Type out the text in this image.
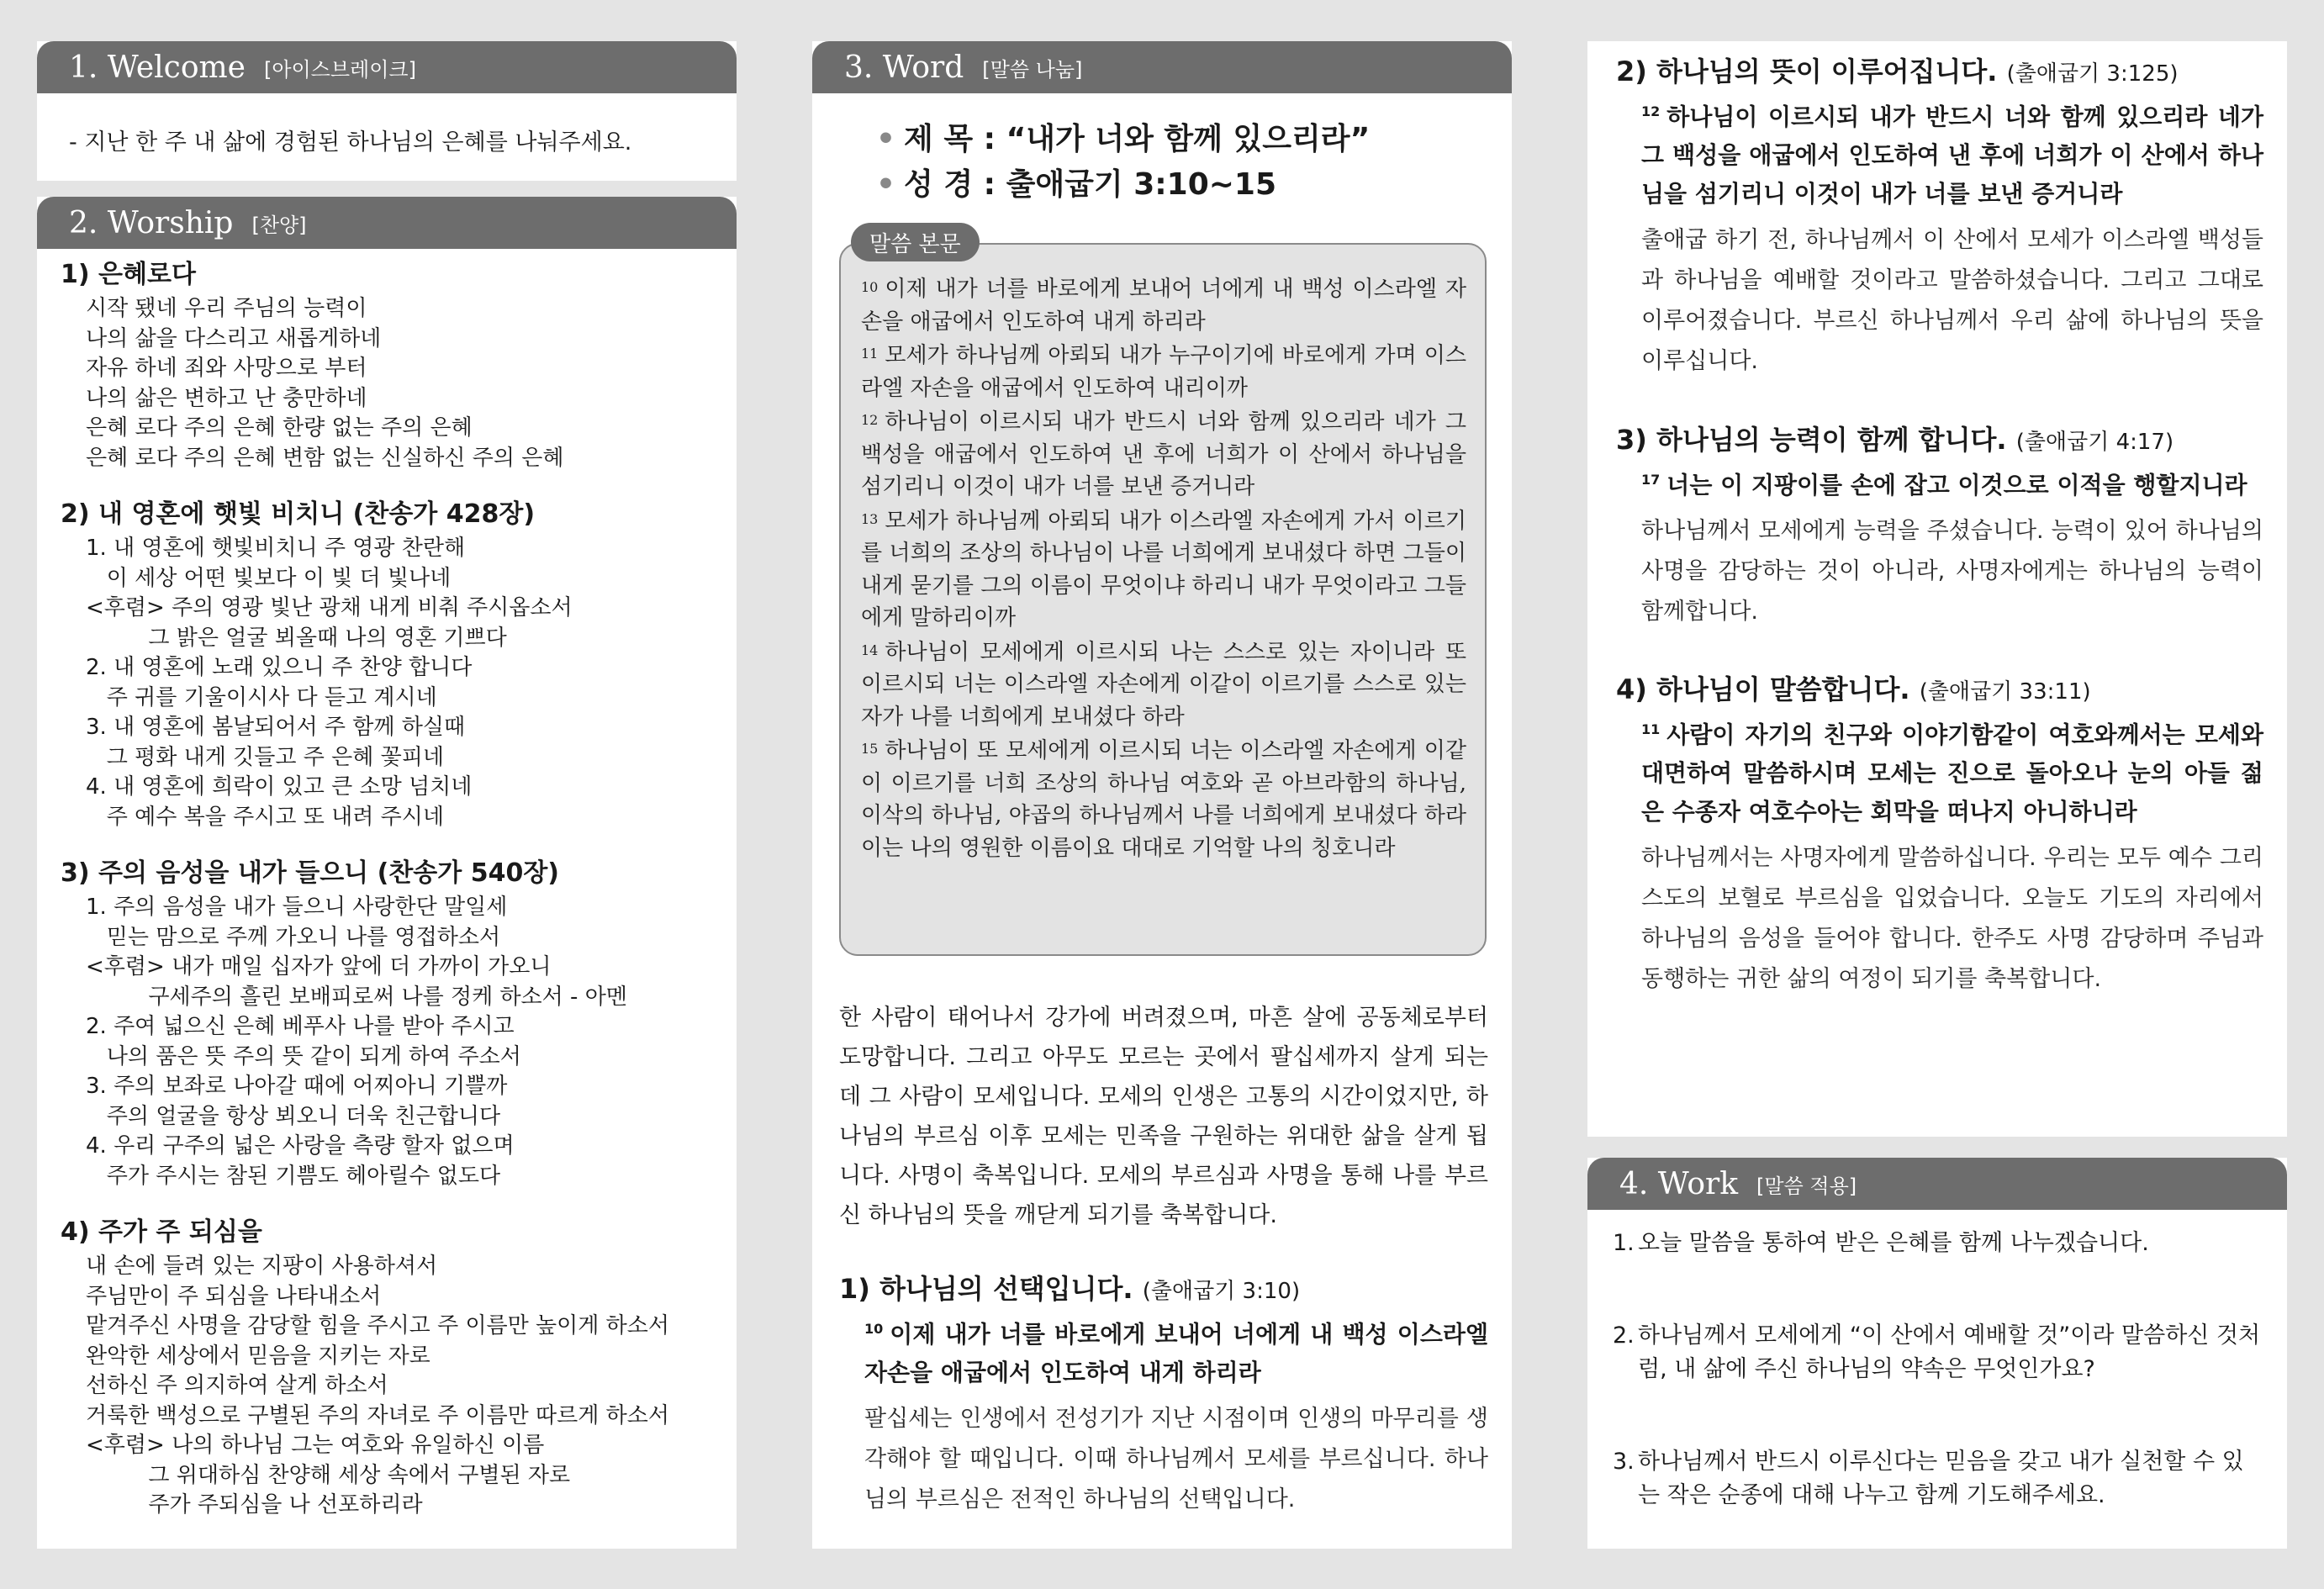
1. Welcome [아이스브레이크]
- 지난 한 주 내 삶에 경험된 하나님의 은혜를 나눠주세요.
2. Worship [찬양]
1) 은혜로다
시작 됐네 우리 주님의 능력이
나의 삶을 다스리고 새롭게하네
자유 하네 죄와 사망으로 부터
나의 삶은 변하고 난 충만하네
은혜 로다 주의 은혜 한량 없는 주의 은혜
은혜 로다 주의 은혜 변함 없는 신실하신 주의 은혜
2) 내 영혼에 햇빛 비치니 (찬송가 428장)
1. 내 영혼에 햇빛비치니 주 영광 찬란해
이 세상 어떤 빛보다 이 빛 더 빛나네
<후렴> 주의 영광 빛난 광채 내게 비춰 주시옵소서
그 밝은 얼굴 뵈올때 나의 영혼 기쁘다
2. 내 영혼에 노래 있으니 주 찬양 합니다
주 귀를 기울이시사 다 듣고 계시네
3. 내 영혼에 봄날되어서 주 함께 하실때
그 평화 내게 깃들고 주 은혜 꽃피네
4. 내 영혼에 희락이 있고 큰 소망 넘치네
주 예수 복을 주시고 또 내려 주시네
3) 주의 음성을 내가 들으니 (찬송가 540장)
1. 주의 음성을 내가 들으니 사랑한단 말일세
믿는 맘으로 주께 가오니 나를 영접하소서
<후렴> 내가 매일 십자가 앞에 더 가까이 가오니
구세주의 흘린 보배피로써 나를 정케 하소서 - 아멘
2. 주여 넓으신 은혜 베푸사 나를 받아 주시고
나의 품은 뜻 주의 뜻 같이 되게 하여 주소서
3. 주의 보좌로 나아갈 때에 어찌아니 기쁠까
주의 얼굴을 항상 뵈오니 더욱 친근합니다
4. 우리 구주의 넓은 사랑을 측량 할자 없으며
주가 주시는 참된 기쁨도 헤아릴수 없도다
4) 주가 주 되심을
내 손에 들려 있는 지팡이 사용하셔서
주님만이 주 되심을 나타내소서
맡겨주신 사명을 감당할 힘을 주시고 주 이름만 높이게 하소서
완악한 세상에서 믿음을 지키는 자로
선하신 주 의지하여 살게 하소서
거룩한 백성으로 구별된 주의 자녀로 주 이름만 따르게 하소서
<후렴> 나의 하나님 그는 여호와 유일하신 이름
그 위대하심 찬양해 세상 속에서 구별된 자로
주가 주되심을 나 선포하리라
3. Word [말씀 나눔]
• 제 목 : “내가 너와 함께 있으리라”
• 성 경 : 출애굽기 3:10~15
말씀 본문

$^{10}$ 이제 내가 너를 바로에게 보내어 너에게 내 백성 이스라엘 자손을 애굽에서 인도하여 내게 하리라

$^{11}$ 모세가 하나님께 아뢰되 내가 누구이기에 바로에게 가며 이스라엘 자손을 애굽에서 인도하여 내리이까

$^{12}$ 하나님이 이르시되 내가 반드시 너와 함께 있으리라 네가 그 백성을 애굽에서 인도하여 낸 후에 너희가 이 산에서 하나님을 섬기리니 이것이 내가 너를 보낸 증거니라

$^{13}$ 모세가 하나님께 아뢰되 내가 이스라엘 자손에게 가서 이르기를 너희의 조상의 하나님이 나를 너희에게 보내셨다 하면 그들이 내게 묻기를 그의 이름이 무엇이냐 하리니 내가 무엇이라고 그들에게 말하리이까

$^{14}$ 하나님이 모세에게 이르시되 나는 스스로 있는 자이니라 또 이르시되 너는 이스라엘 자손에게 이같이 이르기를 스스로 있는 자가 나를 너희에게 보내셨다 하라

$^{15}$ 하나님이 또 모세에게 이르시되 너는 이스라엘 자손에게 이같이 이르기를 너희 조상의 하나님 여호와 곧 아브라함의 하나님, 이삭의 하나님, 야곱의 하나님께서 나를 너희에게 보내셨다 하라 이는 나의 영원한 이름이요 대대로 기억할 나의 칭호니라

한 사람이 태어나서 강가에 버려졌으며, 마흔 살에 공동체로부터 도망합니다. 그리고 아무도 모르는 곳에서 팔십세까지 살게 되는데 그 사람이 모세입니다. 모세의 인생은 고통의 시간이었지만, 하나님의 부르심 이후 모세는 민족을 구원하는 위대한 삶을 살게 됩니다. 사명이 축복입니다. 모세의 부르심과 사명을 통해 나를 부르신 하나님의 뜻을 깨닫게 되기를 축복합니다.
1) 하나님의 선택입니다. (출애굽기 3:10)
$^{10}$ 이제 내가 너를 바로에게 보내어 너에게 내 백성 이스라엘 자손을 애굽에서 인도하여 내게 하리라
팔십세는 인생에서 전성기가 지난 시점이며 인생의 마무리를 생각해야 할 때입니다. 이때 하나님께서 모세를 부르십니다. 하나님의 부르심은 전적인 하나님의 선택입니다.
2) 하나님의 뜻이 이루어집니다. (출애굽기 3:125)
$^{12}$ 하나님이 이르시되 내가 반드시 너와 함께 있으리라 네가 그 백성을 애굽에서 인도하여 낸 후에 너희가 이 산에서 하나님을 섬기리니 이것이 내가 너를 보낸 증거니라
출애굽 하기 전, 하나님께서 이 산에서 모세가 이스라엘 백성들과 하나님을 예배할 것이라고 말씀하셨습니다. 그리고 그대로 이루어졌습니다. 부르신 하나님께서 우리 삶에 하나님의 뜻을 이루십니다.
3) 하나님의 능력이 함께 합니다. (출애굽기 4:17)
$^{17}$ 너는 이 지팡이를 손에 잡고 이것으로 이적을 행할지니라
하나님께서 모세에게 능력을 주셨습니다. 능력이 있어 하나님의 사명을 감당하는 것이 아니라, 사명자에게는 하나님의 능력이 함께합니다.
4) 하나님이 말씀합니다. (출애굽기 33:11)
$^{11}$ 사람이 자기의 친구와 이야기함같이 여호와께서는 모세와 대면하여 말씀하시며 모세는 진으로 돌아오나 눈의 아들 젊은 수종자 여호수아는 회막을 떠나지 아니하니라
하나님께서는 사명자에게 말씀하십니다. 우리는 모두 예수 그리스도의 보혈로 부르심을 입었습니다. 오늘도 기도의 자리에서 하나님의 음성을 들어야 합니다. 한주도 사명 감당하며 주님과 동행하는 귀한 삶의 여정이 되기를 축복합니다.
4. Work [말씀 적용]
1. 오늘 말씀을 통하여 받은 은혜를 함께 나누겠습니다.
2. 하나님께서 모세에게 “이 산에서 예배할 것”이라 말씀하신 것처럼, 내 삶에 주신 하나님의 약속은 무엇인가요?
3. 하나님께서 반드시 이루신다는 믿음을 갖고 내가 실천할 수 있는 작은 순종에 대해 나누고 함께 기도해주세요.
